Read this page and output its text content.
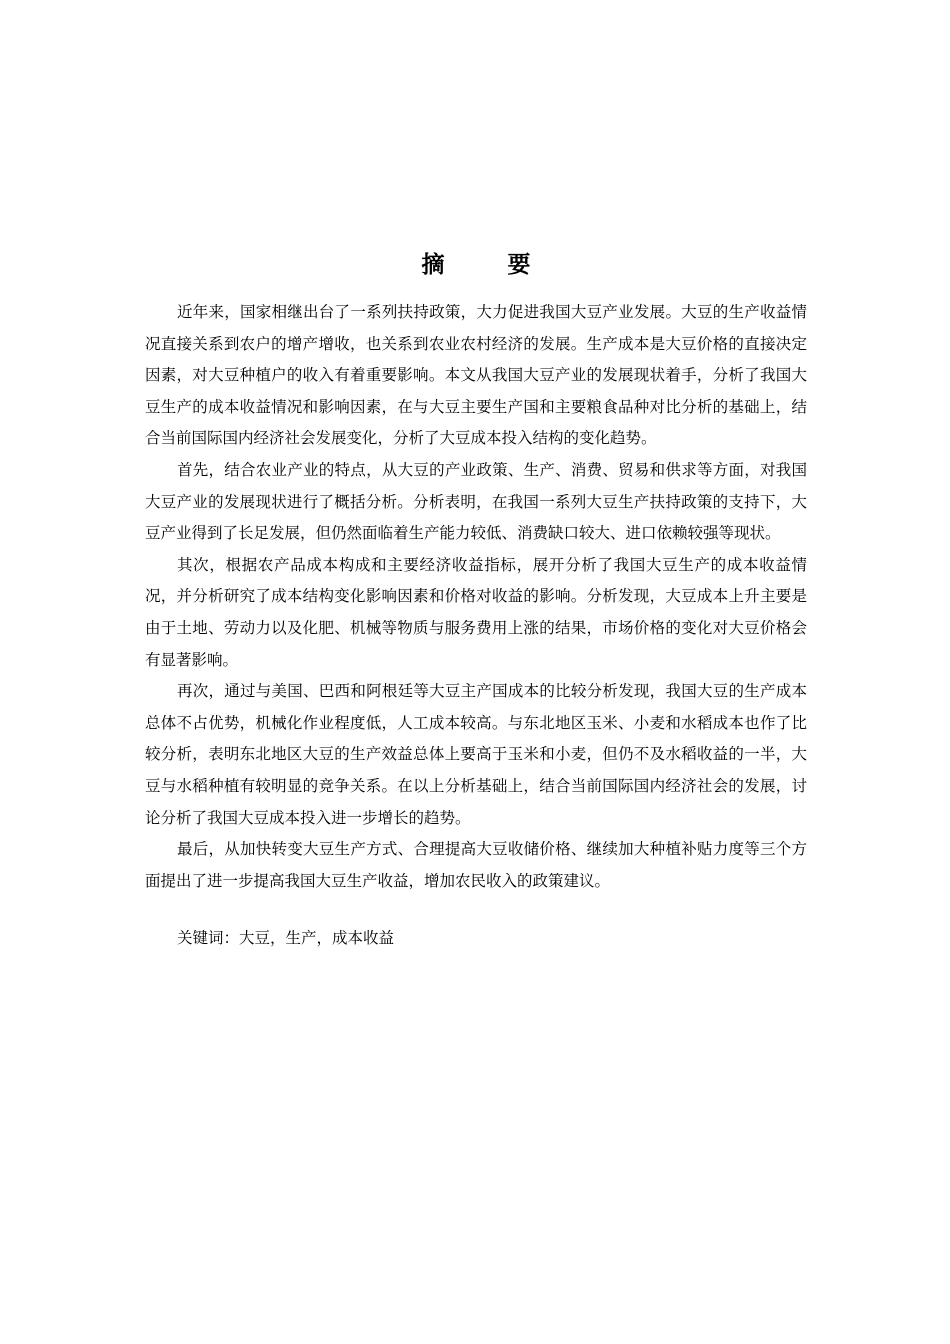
摘　要

近年来，国家相继出台了一系列扶持政策，大力促进我国大豆产业发展。大豆的生产收益情况直接关系到农户的增产增收，也关系到农业农村经济的发展。生产成本是大豆价格的直接决定因素，对大豆种植户的收入有着重要影响。本文从我国大豆产业的发展现状着手，分析了我国大豆生产的成本收益情况和影响因素，在与大豆主要生产国和主要粮食品种对比分析的基础上，结合当前国际国内经济社会发展变化，分析了大豆成本投入结构的变化趋势。

首先，结合农业产业的特点，从大豆的产业政策、生产、消费、贸易和供求等方面，对我国大豆产业的发展现状进行了概括分析。分析表明，在我国一系列大豆生产扶持政策的支持下，大豆产业得到了长足发展，但仍然面临着生产能力较低、消费缺口较大、进口依赖较强等现状。

其次，根据农产品成本构成和主要经济收益指标，展开分析了我国大豆生产的成本收益情况，并分析研究了成本结构变化影响因素和价格对收益的影响。分析发现，大豆成本上升主要是由于土地、劳动力以及化肥、机械等物质与服务费用上涨的结果，市场价格的变化对大豆价格会有显著影响。

再次，通过与美国、巴西和阿根廷等大豆主产国成本的比较分析发现，我国大豆的生产成本总体不占优势，机械化作业程度低，人工成本较高。与东北地区玉米、小麦和水稻成本也作了比较分析，表明东北地区大豆的生产效益总体上要高于玉米和小麦，但仍不及水稻收益的一半，大豆与水稻种植有较明显的竞争关系。在以上分析基础上，结合当前国际国内经济社会的发展，讨论分析了我国大豆成本投入进一步增长的趋势。

最后，从加快转变大豆生产方式、合理提高大豆收储价格、继续加大种植补贴力度等三个方面提出了进一步提高我国大豆生产收益，增加农民收入的政策建议。

关键词：大豆，生产，成本收益
